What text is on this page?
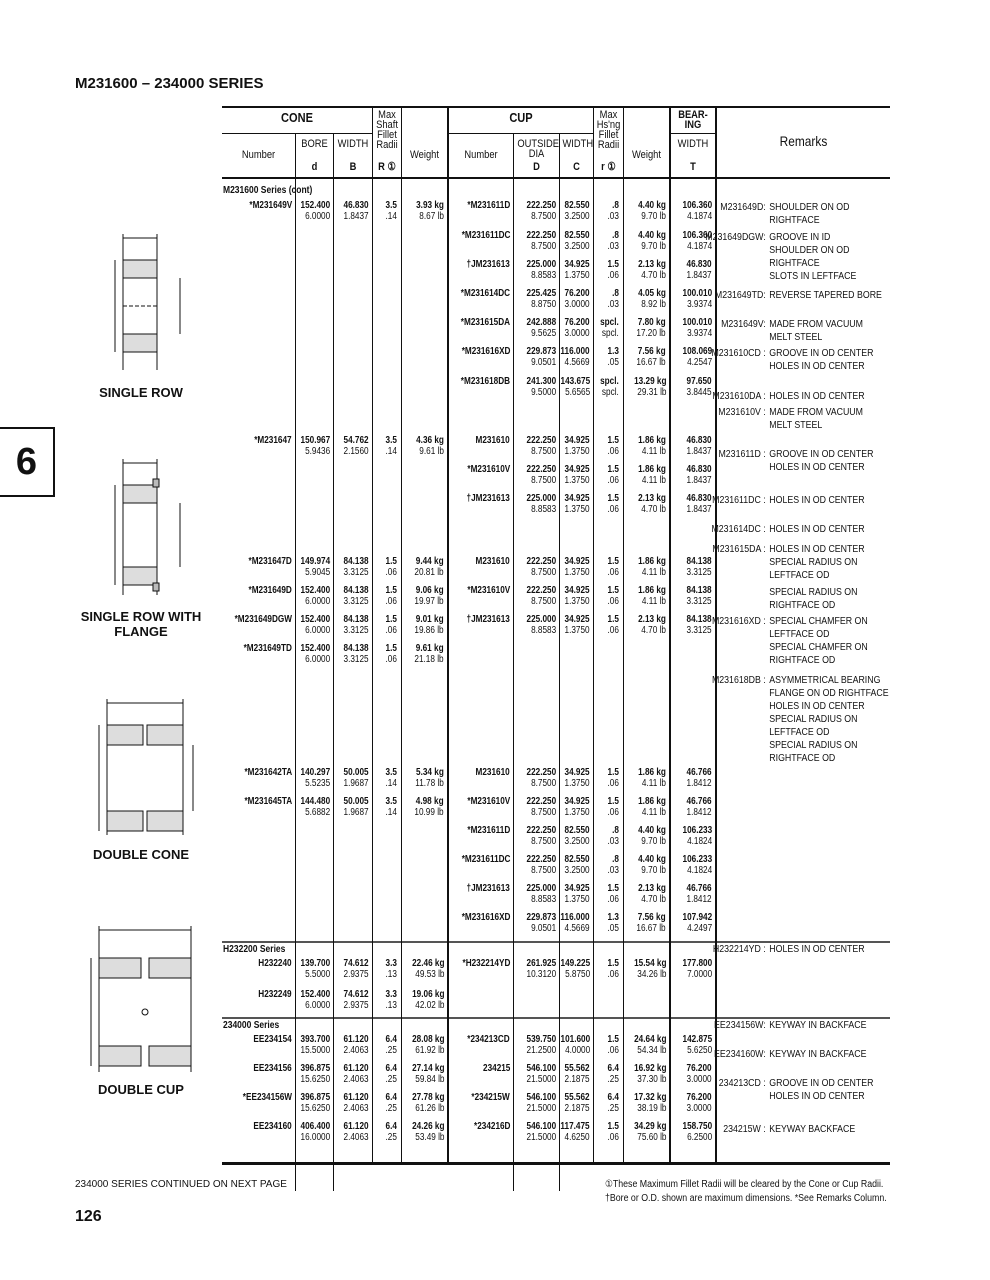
M231600 – 234000 SERIES
6
SINGLE ROW
SINGLE ROW WITH FLANGE
DOUBLE CONE
DOUBLE CUP
CONE
Number
BORE
d
WIDTH
B
Max Shaft Fillet Radii
R ①
Weight
CUP
Number
OUTSIDE DIA
D
WIDTH
C
Max Hs'ng Fillet Radii
r ①
Weight
BEAR-ING
WIDTH
T
Remarks
M231600 Series (cont)
H232200 Series
234000 Series
*M231649V 152.400
6.0000
46.830
1.8437
3.5
.14
3.93 kg
8.67 lb
*M231647 150.967
5.9436
54.762
2.1560
3.5
.14
4.36 kg
9.61 lb
*M231647D 149.974
5.9045
84.138
3.3125
1.5
.06
9.44 kg
20.81 lb
*M231649D 152.400
6.0000
84.138
3.3125
1.5
.06
9.06 kg
19.97 lb
*M231649DGW 152.400
6.0000
84.138
3.3125
1.5
.06
9.01 kg
19.86 lb
*M231649TD 152.400
6.0000
84.138
3.3125
1.5
.06
9.61 kg
21.18 lb
*M231642TA 140.297
5.5235
50.005
1.9687
3.5
.14
5.34 kg
11.78 lb
*M231645TA 144.480
5.6882
50.005
1.9687
3.5
.14
4.98 kg
10.99 lb
H232240 139.700
5.5000
74.612
2.9375
3.3
.13
22.46 kg
49.53 lb
H232249 152.400
6.0000
74.612
2.9375
3.3
.13
19.06 kg
42.02 lb
EE234154 393.700
15.5000
61.120
2.4063
6.4
.25
28.08 kg
61.92 lb
EE234156 396.875
15.6250
61.120
2.4063
6.4
.25
27.14 kg
59.84 lb
*EE234156W 396.875
15.6250
61.120
2.4063
6.4
.25
27.78 kg
61.26 lb
EE234160 406.400
16.0000
61.120
2.4063
6.4
.25
24.26 kg
53.49 lb
*M231611D 222.250
8.7500
82.550
3.2500
.8
.03
4.40 kg
9.70 lb
106.360
4.1874
*M231611DC 222.250
8.7500
82.550
3.2500
.8
.03
4.40 kg
9.70 lb
106.360
4.1874
†JM231613 225.000
8.8583
34.925
1.3750
1.5
.06
2.13 kg
4.70 lb
46.830
1.8437
*M231614DC 225.425
8.8750
76.200
3.0000
.8
.03
4.05 kg
8.92 lb
100.010
3.9374
*M231615DA 242.888
9.5625
76.200
3.0000
spcl.
spcl.
7.80 kg
17.20 lb
100.010
3.9374
*M231616XD 229.873
9.0501
116.000
4.5669
1.3
.05
7.56 kg
16.67 lb
108.069
4.2547
*M231618DB 241.300
9.5000
143.675
5.6565
spcl.
spcl.
13.29 kg
29.31 lb
97.650
3.8445
M231610 222.250
8.7500
34.925
1.3750
1.5
.06
1.86 kg
4.11 lb
46.830
1.8437
*M231610V 222.250
8.7500
34.925
1.3750
1.5
.06
1.86 kg
4.11 lb
46.830
1.8437
†JM231613 225.000
8.8583
34.925
1.3750
1.5
.06
2.13 kg
4.70 lb
46.830
1.8437
M231610 222.250
8.7500
34.925
1.3750
1.5
.06
1.86 kg
4.11 lb
84.138
3.3125
*M231610V 222.250
8.7500
34.925
1.3750
1.5
.06
1.86 kg
4.11 lb
84.138
3.3125
†JM231613 225.000
8.8583
34.925
1.3750
1.5
.06
2.13 kg
4.70 lb
84.138
3.3125
M231610 222.250
8.7500
34.925
1.3750
1.5
.06
1.86 kg
4.11 lb
46.766
1.8412
*M231610V 222.250
8.7500
34.925
1.3750
1.5
.06
1.86 kg
4.11 lb
46.766
1.8412
*M231611D 222.250
8.7500
82.550
3.2500
.8
.03
4.40 kg
9.70 lb
106.233
4.1824
*M231611DC 222.250
8.7500
82.550
3.2500
.8
.03
4.40 kg
9.70 lb
106.233
4.1824
†JM231613 225.000
8.8583
34.925
1.3750
1.5
.06
2.13 kg
4.70 lb
46.766
1.8412
*M231616XD 229.873
9.0501
116.000
4.5669
1.3
.05
7.56 kg
16.67 lb
107.942
4.2497
*H232214YD 261.925
10.3120
149.225
5.8750
1.5
.06
15.54 kg
34.26 lb
177.800
7.0000
*234213CD 539.750
21.2500
101.600
4.0000
1.5
.06
24.64 kg
54.34 lb
142.875
5.6250
234215 546.100
21.5000
55.562
2.1875
6.4
.25
16.92 kg
37.30 lb
76.200
3.0000
*234215W 546.100
21.5000
55.562
2.1875
6.4
.25
17.32 kg
38.19 lb
76.200
3.0000
*234216D 546.100
21.5000
117.475
4.6250
1.5
.06
34.29 kg
75.60 lb
158.750
6.2500
M231649D: SHOULDER ON OD
RIGHTFACE
M231649DGW: GROOVE IN ID
SHOULDER ON OD
RIGHTFACE
SLOTS IN LEFTFACE
M231649TD: REVERSE TAPERED BORE
M231649V: MADE FROM VACUUM
MELT STEEL
M231610CD : GROOVE IN OD CENTER
HOLES IN OD CENTER
M231610DA : HOLES IN OD CENTER
M231610V : MADE FROM VACUUM
MELT STEEL
M231611D : GROOVE IN OD CENTER
HOLES IN OD CENTER
M231611DC : HOLES IN OD CENTER
M231614DC : HOLES IN OD CENTER
M231615DA : HOLES IN OD CENTER
SPECIAL RADIUS ON
LEFTFACE OD
SPECIAL RADIUS ON
RIGHTFACE OD
M231616XD : SPECIAL CHAMFER ON
LEFTFACE OD
SPECIAL CHAMFER ON
RIGHTFACE OD
M231618DB : ASYMMETRICAL BEARING
FLANGE ON OD RIGHTFACE
HOLES IN OD CENTER
SPECIAL RADIUS ON
LEFTFACE OD
SPECIAL RADIUS ON
RIGHTFACE OD
H232214YD : HOLES IN OD CENTER
EE234156W: KEYWAY IN BACKFACE
EE234160W: KEYWAY IN BACKFACE
234213CD : GROOVE IN OD CENTER
HOLES IN OD CENTER
234215W : KEYWAY BACKFACE
234000 SERIES CONTINUED ON NEXT PAGE	①These Maximum Fillet Radii will be cleared by the Cone or Cup Radii.
†Bore or O.D. shown are maximum dimensions. *See Remarks Column.
126
